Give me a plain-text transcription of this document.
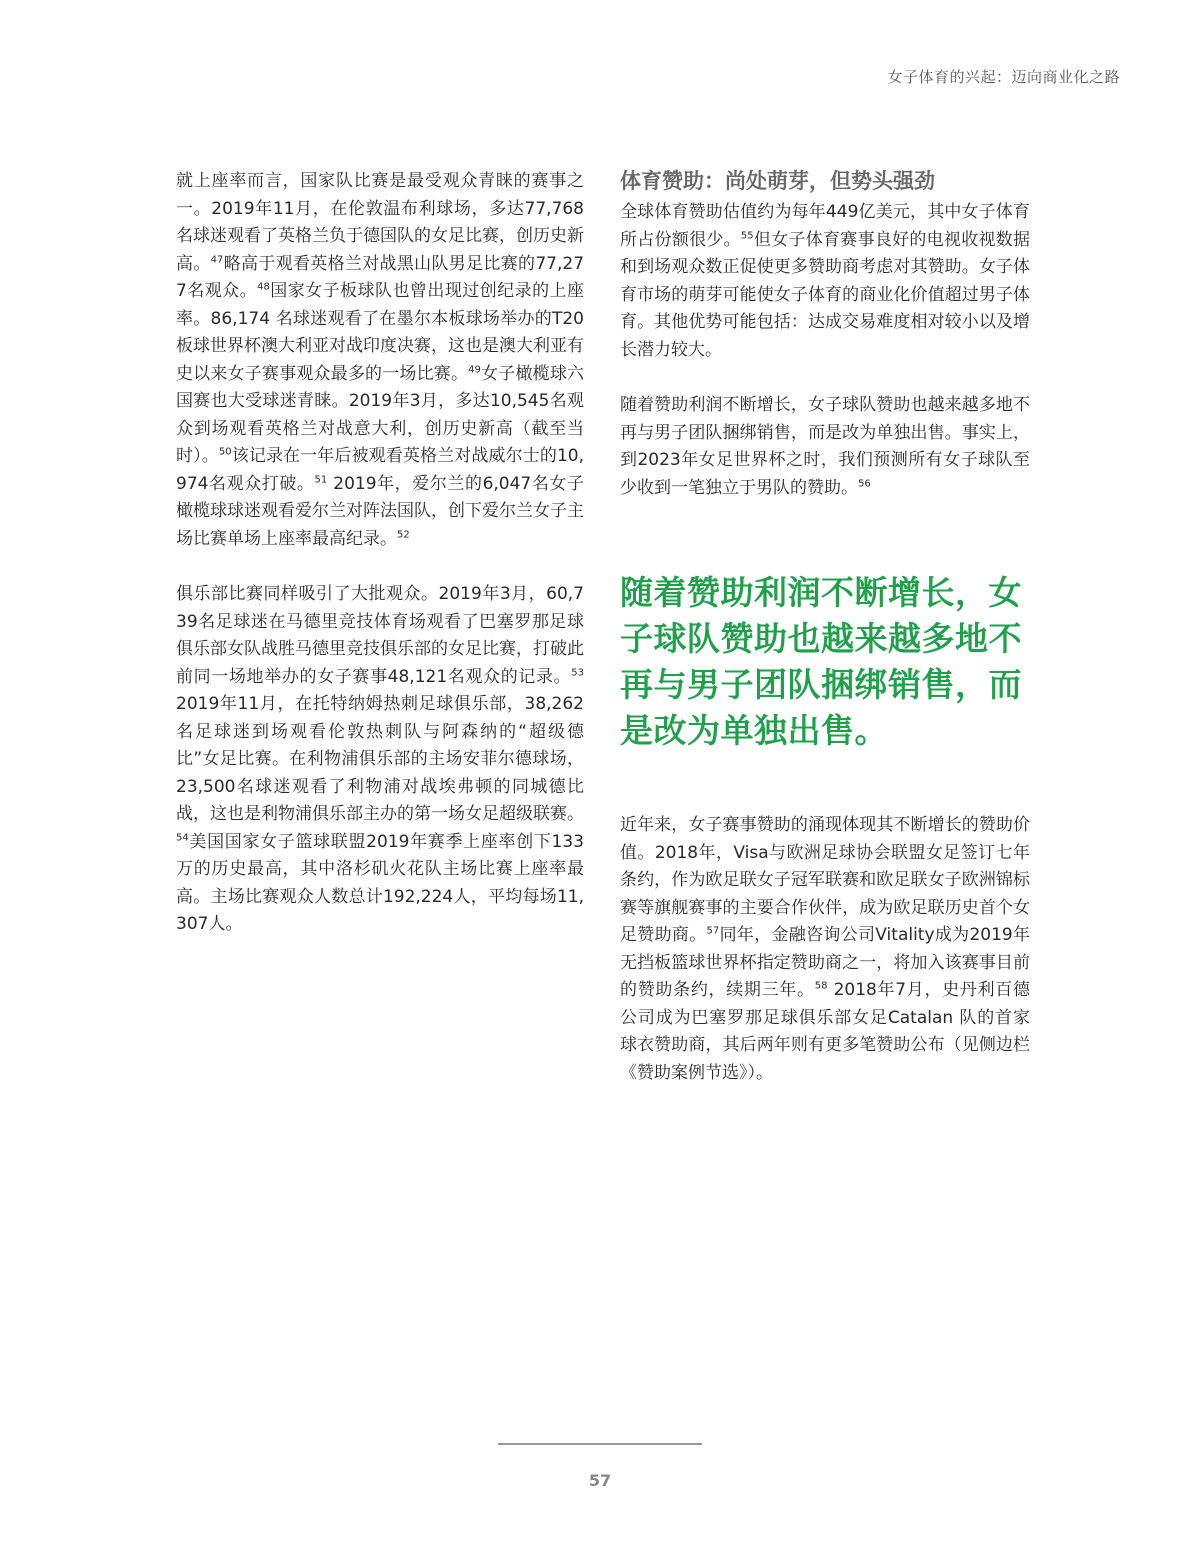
女子体育的兴起：迈向商业化之路

就上座率而言，国家队比赛是最受观众青睐的赛事之一。2019年11月，在伦敦温布利球场，多达77,768名球迷观看了英格兰负于德国队的女足比赛，创历史新高。$^{47}$略高于观看英格兰对战黑山队男足比赛的77,277名观众。$^{48}$国家女子板球队也曾出现过创纪录的上座率。86,174 名球迷观看了在墨尔本板球场举办的T20板球世界杯澳大利亚对战印度决赛，这也是澳大利亚有史以来女子赛事观众最多的一场比赛。$^{49}$女子橄榄球六国赛也大受球迷青睐。2019年3月，多达10,545名观众到场观看英格兰对战意大利，创历史新高（截至当时）。$^{50}$该记录在一年后被观看英格兰对战威尔士的10,974名观众打破。$^{51}$ 2019年，爱尔兰的6,047名女子橄榄球球迷观看爱尔兰对阵法国队，创下爱尔兰女子主场比赛单场上座率最高纪录。$^{52}$

俱乐部比赛同样吸引了大批观众。2019年3月，60,739名足球迷在马德里竞技体育场观看了巴塞罗那足球俱乐部女队战胜马德里竞技俱乐部的女足比赛，打破此前同一场地举办的女子赛事48,121名观众的记录。$^{53}$ 2019年11月，在托特纳姆热刺足球俱乐部，38,262名足球迷到场观看伦敦热刺队与阿森纳的“超级德比”女足比赛。在利物浦俱乐部的主场安菲尔德球场，23,500名球迷观看了利物浦对战埃弗顿的同城德比战，这也是利物浦俱乐部主办的第一场女足超级联赛。$^{54}$美国国家女子篮球联盟2019年赛季上座率创下133万的历史最高，其中洛杉矶火花队主场比赛上座率最高。主场比赛观众人数总计192,224人，平均每场11,307人。

体育赞助：尚处萌芽，但势头强劲

全球体育赞助估值约为每年449亿美元，其中女子体育所占份额很少。$^{55}$但女子体育赛事良好的电视收视数据和到场观众数正促使更多赞助商考虑对其赞助。女子体育市场的萌芽可能使女子体育的商业化价值超过男子体育。其他优势可能包括：达成交易难度相对较小以及增长潜力较大。

随着赞助利润不断增长，女子球队赞助也越来越多地不再与男子团队捆绑销售，而是改为单独出售。事实上，到2023年女足世界杯之时，我们预测所有女子球队至少收到一笔独立于男队的赞助。$^{56}$

随着赞助利润不断增长，女子球队赞助也越来越多地不再与男子团队捆绑销售，而是改为单独出售。

近年来，女子赛事赞助的涌现体现其不断增长的赞助价值。2018年，Visa与欧洲足球协会联盟女足签订七年条约，作为欧足联女子冠军联赛和欧足联女子欧洲锦标赛等旗舰赛事的主要合作伙伴，成为欧足联历史首个女足赞助商。$^{57}$同年，金融咨询公司Vitality成为2019年无挡板篮球世界杯指定赞助商之一，将加入该赛事目前的赞助条约，续期三年。$^{58}$ 2018年7月，史丹利百德公司成为巴塞罗那足球俱乐部女足Catalan 队的首家球衣赞助商，其后两年则有更多笔赞助公布（见侧边栏《赞助案例节选》）。

57
